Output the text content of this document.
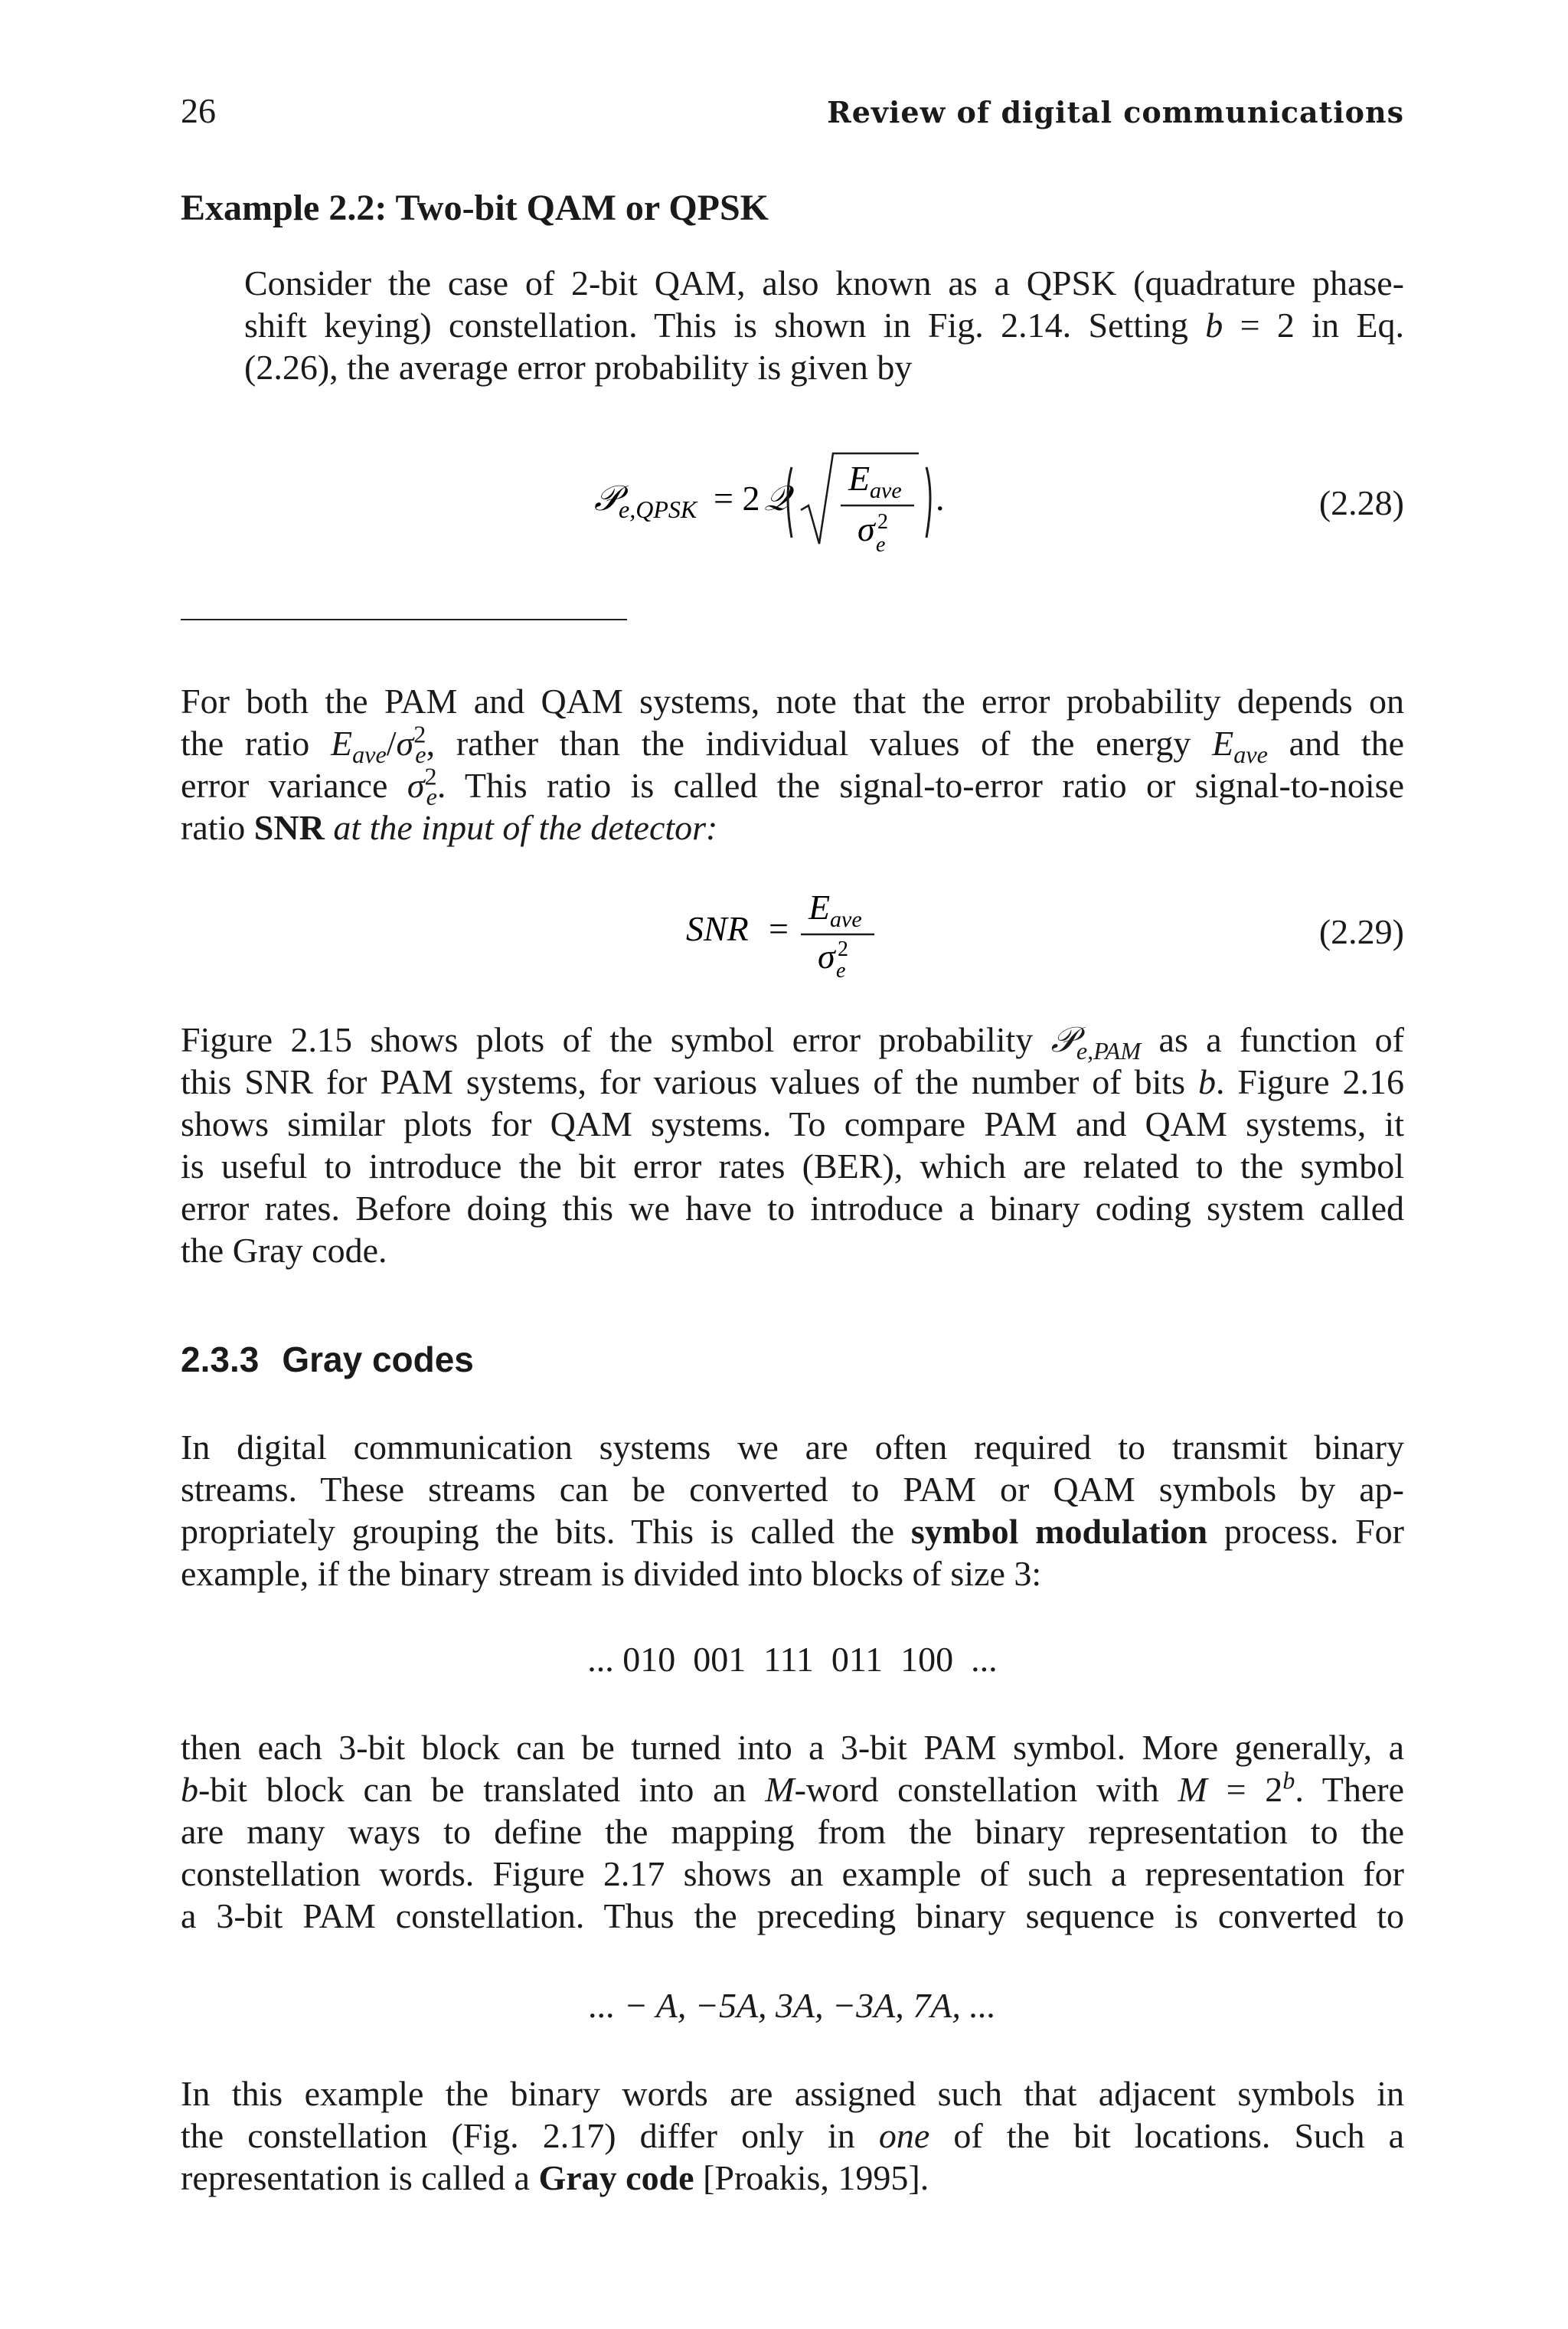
26	Review of digital communications
Example 2.2: Two-bit QAM or QPSK
Consider the case of 2-bit QAM, also known as a QPSK (quadrature phase-
shift keying) constellation. This is shown in Fig. 2.14. Setting b = 2 in Eq.
(2.26), the average error probability is given by
𝒫
e,QPSK = 2 𝒬
E ave
σ 2
e
.	(2.28)
For both the PAM and QAM systems, note that the error probability depends on
the ratio $E_{ave}/\sigma^2_e$, rather than the individual values of the energy $E_{ave}$ and the
error variance $\sigma^2_e$. This ratio is called the signal-to-error ratio or signal-to-noise
ratio SNR at the input of the detector:
SNR =
E ave
σ 2
e
(2.29)
Figure 2.15 shows plots of the symbol error probability 𝒫$_{e,PAM}$ as a function of
this SNR for PAM systems, for various values of the number of bits b. Figure 2.16
shows similar plots for QAM systems. To compare PAM and QAM systems, it
is useful to introduce the bit error rates (BER), which are related to the symbol
error rates. Before doing this we have to introduce a binary coding system called
the Gray code.
2.3.3 Gray codes
In digital communication systems we are often required to transmit binary
streams. These streams can be converted to PAM or QAM symbols by ap-
propriately grouping the bits. This is called the symbol modulation process. For
example, if the binary stream is divided into blocks of size 3:
... 010  001  111  011  100  ...
then each 3-bit block can be turned into a 3-bit PAM symbol. More generally, a
b-bit block can be translated into an M-word constellation with $M = 2^b$. There
are many ways to define the mapping from the binary representation to the
constellation words. Figure 2.17 shows an example of such a representation for
a 3-bit PAM constellation. Thus the preceding binary sequence is converted to
... − A, −5A, 3A, −3A, 7A, ...
In this example the binary words are assigned such that adjacent symbols in
the constellation (Fig. 2.17) differ only in one of the bit locations. Such a
representation is called a Gray code [Proakis, 1995].
